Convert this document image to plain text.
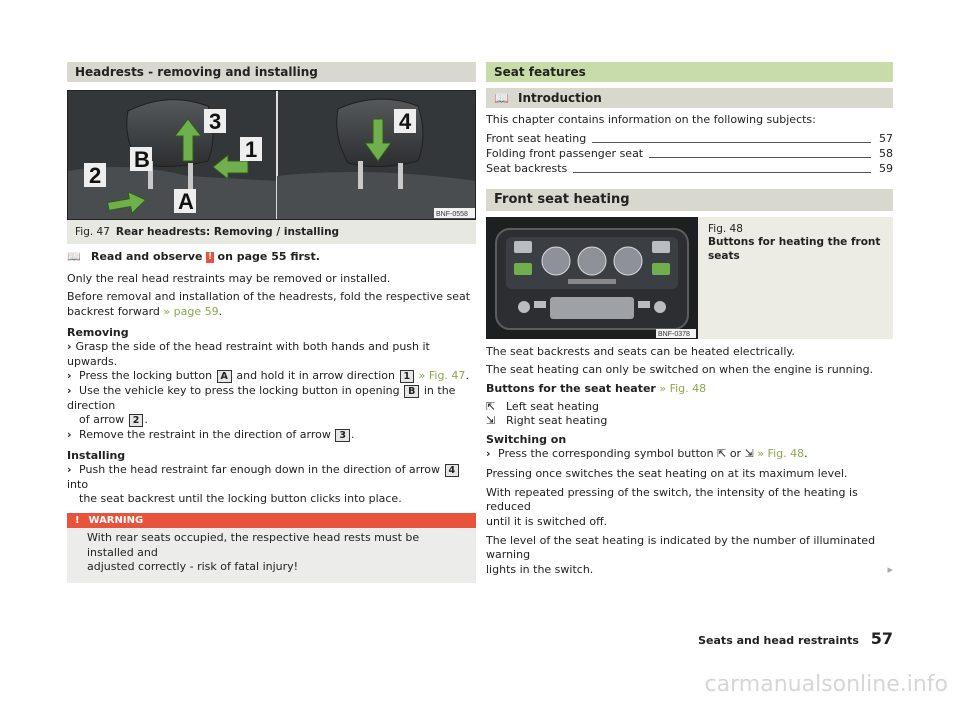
Headrests - removing and installing
3
1
B
2
A
4
BNF-0558
Fig. 47 Rear headrests: Removing / installing
📖 Read and observe ! on page 55 first.

Only the real head restraints may be removed or installed.

Before removal and installation of the headrests, fold the respective seat
backrest forward » page 59.

Removing
› Grasp the side of the head restraint with both hands and push it upwards.
› Press the locking button A and hold it in arrow direction 1 » Fig. 47.
› Use the vehicle key to press the locking button in opening B in the direction
of arrow 2 .
› Remove the restraint in the direction of arrow 3 .
Installing
› Push the head restraint far enough down in the direction of arrow 4 into
the seat backrest until the locking button clicks into place.
! WARNING
With rear seats occupied, the respective head rests must be installed and
adjusted correctly - risk of fatal injury!
Seat features
📖 Introduction

This chapter contains information on the following subjects:

Front seat heating	57
Folding front passenger seat	58
Seat backrests	59
Front seat heating
BNF-0378
Fig. 48
Buttons for heating the front
seats

The seat backrests and seats can be heated electrically.

The seat heating can only be switched on when the engine is running.

Buttons for the seat heater » Fig. 48

⇱ Left seat heating
⇲ Right seat heating
Switching on
› Press the corresponding symbol button ⇱ or ⇲ » Fig. 48.

Pressing once switches the seat heating on at its maximum level.

With repeated pressing of the switch, the intensity of the heating is reduced
until it is switched off.

The level of the seat heating is indicated by the number of illuminated warning
lights in the switch.	▸

Seats and head restraints 57
carmanualsonline.info
